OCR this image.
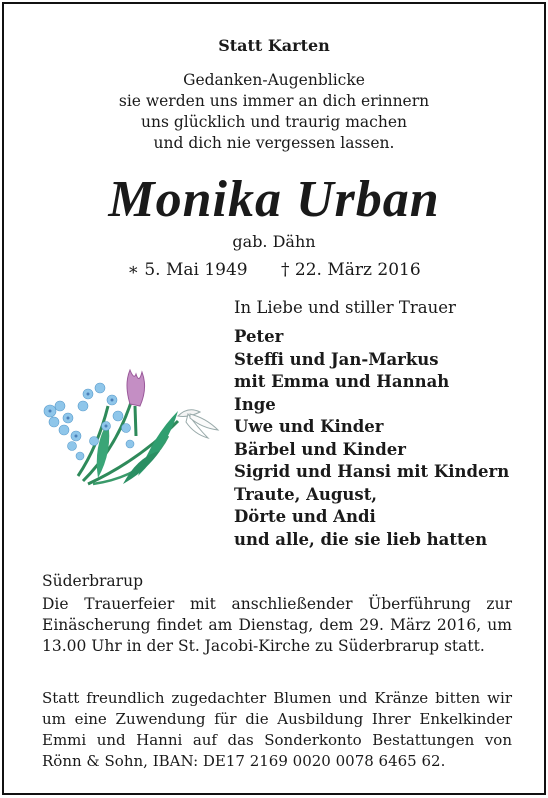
Statt Karten
Gedanken-Augenblicke
sie werden uns immer an dich erinnern
uns glücklich und traurig machen
und dich nie vergessen lassen.
Monika Urban
gab. Dähn
∗ 5. Mai 1949 † 22. März 2016
In Liebe und stiller Trauer
Peter
Steffi und Jan-Markus
mit Emma und Hannah
Inge
Uwe und Kinder
Bärbel und Kinder
Sigrid und Hansi mit Kindern
Traute, August,
Dörte und Andi
und alle, die sie lieb hatten
Süderbrarup
Die Trauerfeier mit anschließender Überführung zur Einäscherung findet am Dienstag, dem 29. März 2016, um 13.00 Uhr in der St. Jacobi-Kirche zu Süderbrarup statt.
Statt freundlich zugedachter Blumen und Kränze bitten wir um eine Zuwendung für die Ausbildung Ihrer Enkelkinder Emmi und Hanni auf das Sonderkonto Bestattungen von Rönn & Sohn, IBAN: DE17 2169 0020 0078 6465 62.
